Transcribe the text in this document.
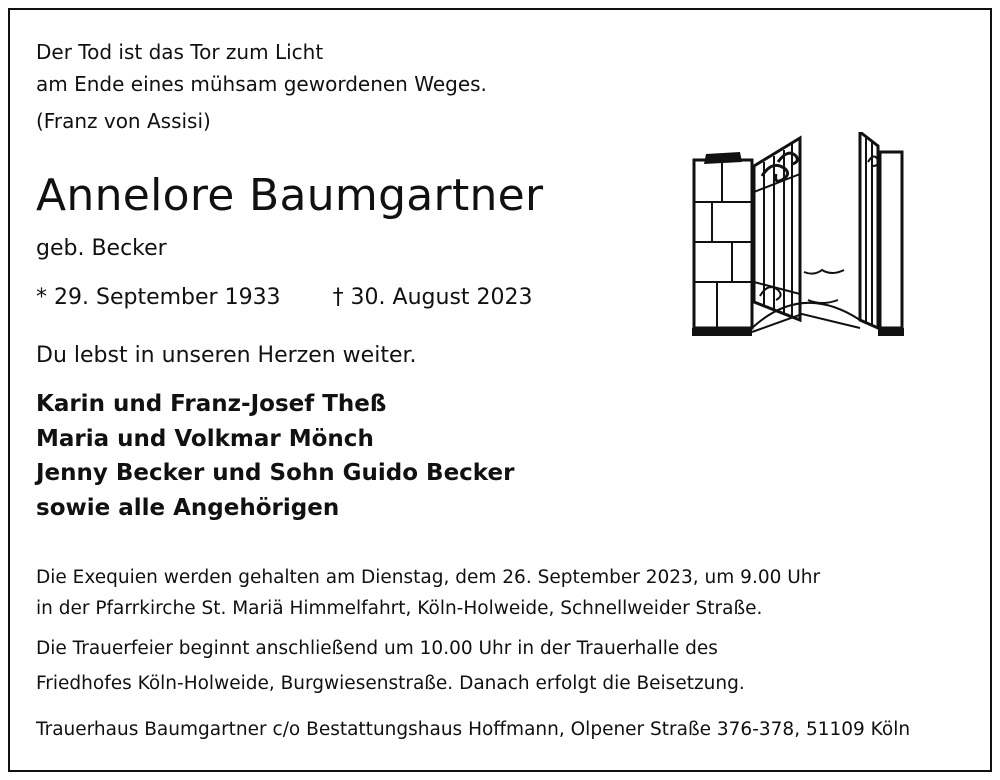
Der Tod ist das Tor zum Licht

am Ende eines mühsam gewordenen Weges.

(Franz von Assisi)

Annelore Baumgartner

geb. Becker

* 29. September 1933 † 30. August 2023

Du lebst in unseren Herzen weiter.

Karin und Franz-Josef Theß

Maria und Volkmar Mönch

Jenny Becker und Sohn Guido Becker

sowie alle Angehörigen

Die Exequien werden gehalten am Dienstag, dem 26. September 2023, um 9.00 Uhr

in der Pfarrkirche St. Mariä Himmelfahrt, Köln-Holweide, Schnellweider Straße.

Die Trauerfeier beginnt anschließend um 10.00 Uhr in der Trauerhalle des

Friedhofes Köln-Holweide, Burgwiesenstraße. Danach erfolgt die Beisetzung.

Trauerhaus Baumgartner c/o Bestattungshaus Hoffmann, Olpener Straße 376-378, 51109 Köln
